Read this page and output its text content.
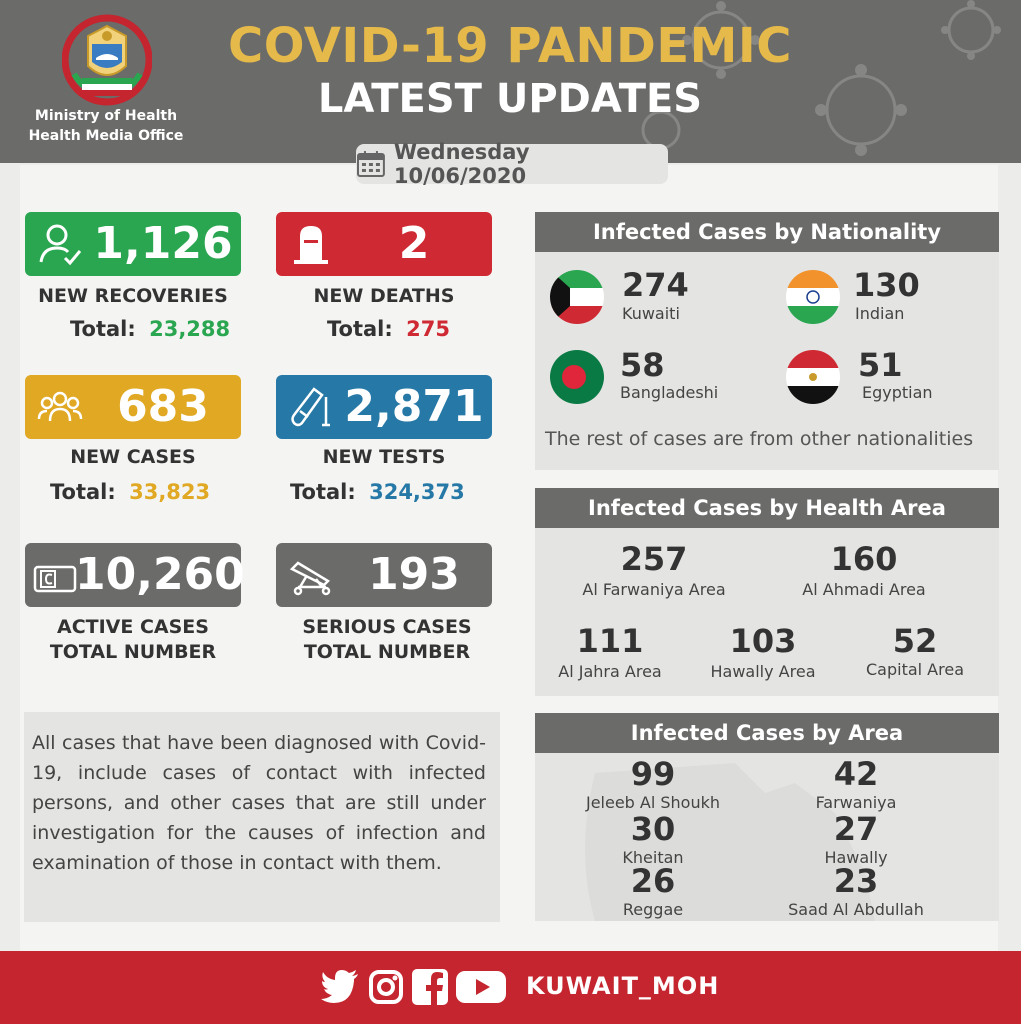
Ministry of Health
Health Media Office
COVID-19 PANDEMIC
LATEST UPDATES
Wednesday 10/06/2020
1,126
NEW RECOVERIES
Total: 23,288
2
NEW DEATHS
Total: 275
683
NEW CASES
Total: 33,823
2,871
NEW TESTS
Total: 324,373
10,260
ACTIVE CASES
TOTAL NUMBER
193
SERIOUS CASES
TOTAL NUMBER
All cases that have been diagnosed with Covid-19, include cases of contact with infected persons, and other cases that are still under investigation for the causes of infection and examination of those in contact with them.
Infected Cases by Nationality
274
Kuwaiti
130
Indian
58
Bangladeshi
51
Egyptian
The rest of cases are from other nationalities
Infected Cases by Health Area
257
Al Farwaniya Area
160
Al Ahmadi Area
111
Al Jahra Area
103
Hawally Area
52
Capital Area
Infected Cases by Area
99
Jeleeb Al Shoukh
42
Farwaniya
30
Kheitan
27
Hawally
26
Reggae
23
Saad Al Abdullah
KUWAIT_MOH
